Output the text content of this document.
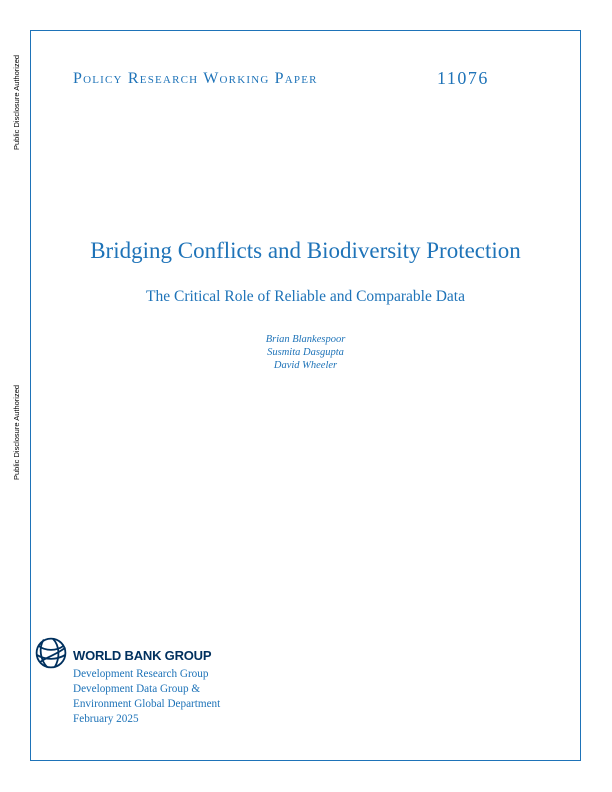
Public Disclosure Authorized
Public Disclosure Authorized
Policy Research Working Paper	11076
Bridging Conflicts and Biodiversity Protection
The Critical Role of Reliable and Comparable Data
Brian Blankespoor
Susmita Dasgupta
David Wheeler
WORLD BANK GROUP
Development Research Group
Development Data Group &
Environment Global Department
February 2025
